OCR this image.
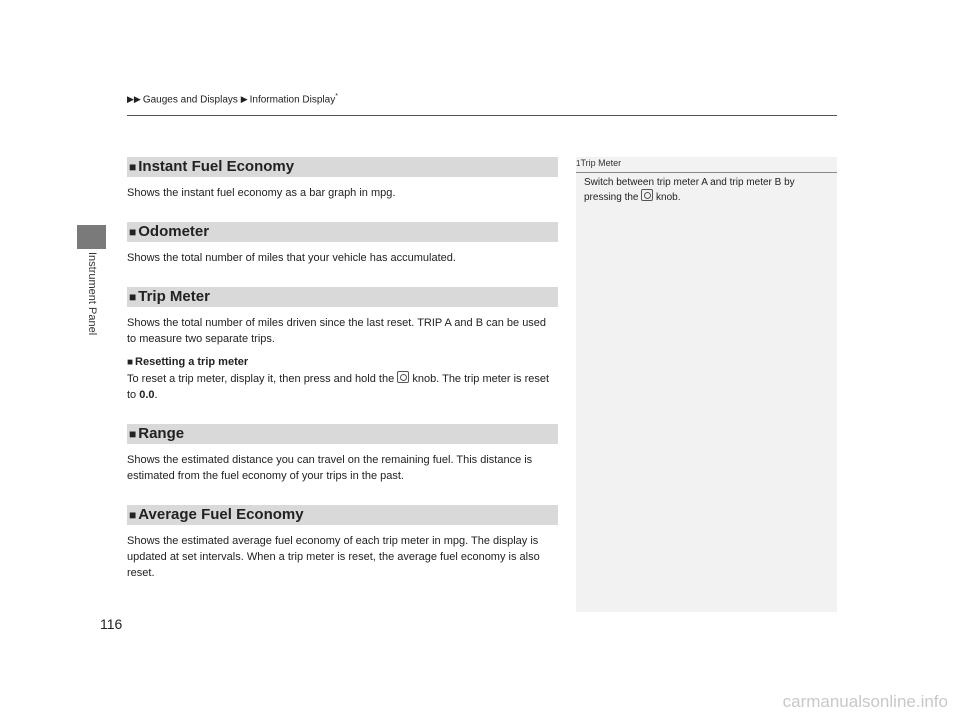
Instrument Panel
▶▶ Gauges and Displays ▶ Information Display*
■ Instant Fuel Economy

Shows the instant fuel economy as a bar graph in mpg.

■ Odometer

Shows the total number of miles that your vehicle has accumulated.

■ Trip Meter

Shows the total number of miles driven since the last reset. TRIP A and B can be used to measure two separate trips.

■ Resetting a trip meter

To reset a trip meter, display it, then press and hold the knob. The trip meter is reset to 0.0.

■ Range

Shows the estimated distance you can travel on the remaining fuel. This distance is estimated from the fuel economy of your trips in the past.

■ Average Fuel Economy

Shows the estimated average fuel economy of each trip meter in mpg. The display is updated at set intervals. When a trip meter is reset, the average fuel economy is also reset.

1Trip Meter
Switch between trip meter A and trip meter B by pressing the knob.
116
carmanualsonline.info
